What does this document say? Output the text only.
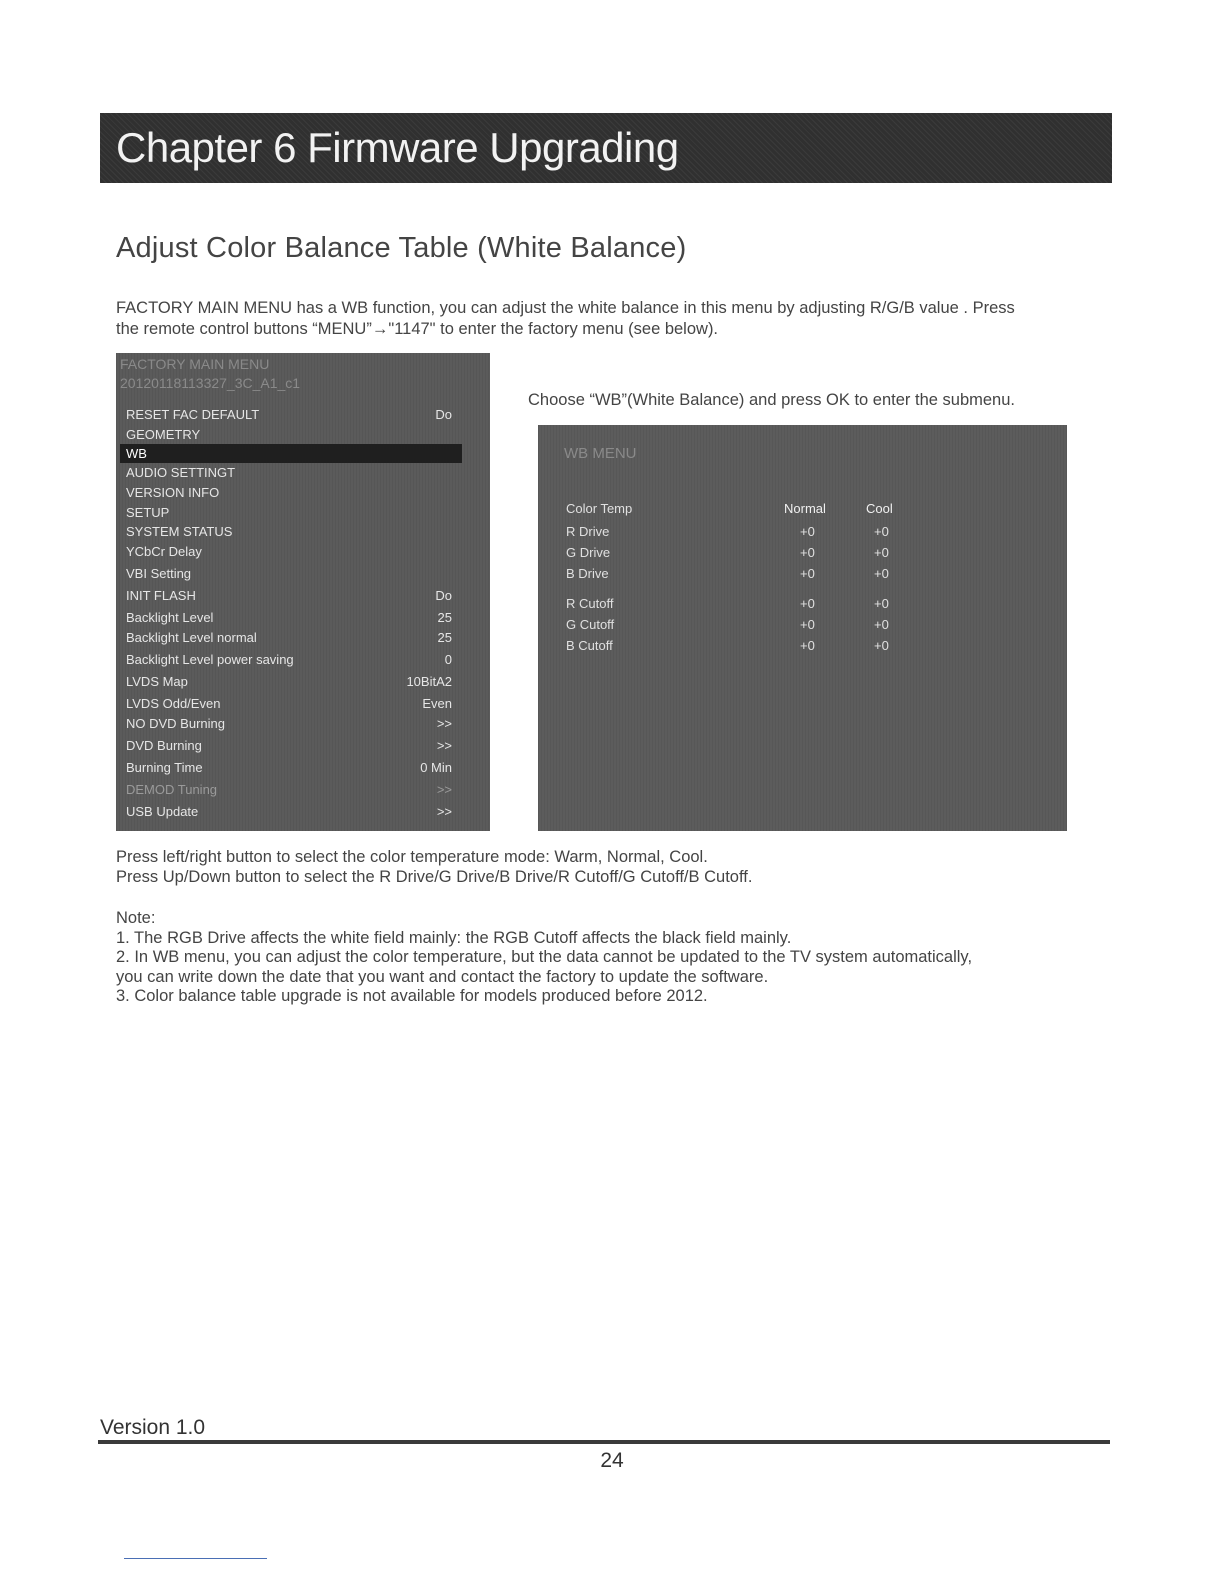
Chapter 6 Firmware Upgrading
Adjust Color Balance Table (White Balance)

FACTORY MAIN MENU has a WB function, you can adjust the white balance in this menu by adjusting R/G/B value . Press
the remote control buttons “MENU”→"1147" to enter the factory menu (see below).

FACTORY MAIN MENU
20120118113327_3C_A1_c1
RESET FAC DEFAULT	Do
GEOMETRY
WB
AUDIO SETTINGT
VERSION INFO
SETUP
SYSTEM STATUS
YCbCr Delay
VBI Setting
INIT FLASH	Do
Backlight Level	25
Backlight Level normal	25
Backlight Level power saving	0
LVDS Map	10BitA2
LVDS Odd/Even	Even
NO DVD Burning	>>
DVD Burning	>>
Burning Time	0 Min
DEMOD Tuning	>>
USB Update	>>

Choose “WB”(White Balance) and press OK to enter the submenu.

WB MENU
Color Temp	Normal	Cool
R Drive	+0	+0
G Drive	+0	+0
B Drive	+0	+0
R Cutoff	+0	+0
G Cutoff	+0	+0
B Cutoff	+0	+0

Press left/right button to select the color temperature mode: Warm, Normal, Cool.
Press Up/Down button to select the R Drive/G Drive/B Drive/R Cutoff/G Cutoff/B Cutoff.

Note:
1. The RGB Drive affects the white field mainly: the RGB Cutoff affects the black field mainly.
2. In WB menu, you can adjust the color temperature, but the data cannot be updated to the TV system automatically,
you can write down the date that you want and contact the factory to update the software.
3. Color balance table upgrade is not available for models produced before 2012.

Version 1.0
24
